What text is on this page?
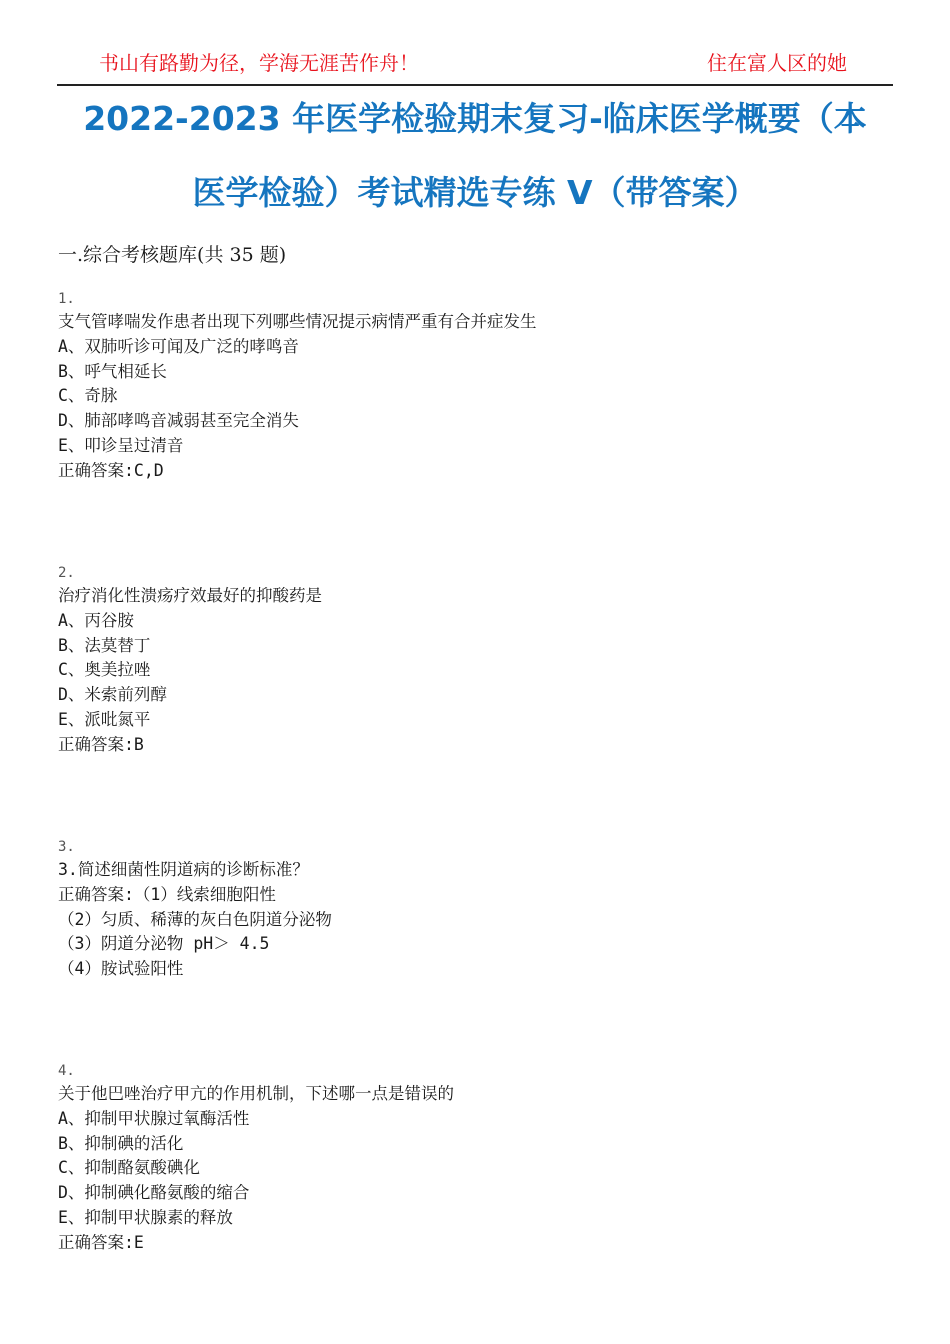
书山有路勤为径，学海无涯苦作舟！	住在富人区的她
2022-2023 年医学检验期末复习-临床医学概要（本
医学检验）考试精选专练 V（带答案）
一.综合考核题库(共 35 题)
1.
支气管哮喘发作患者出现下列哪些情况提示病情严重有合并症发生
A、双肺听诊可闻及广泛的哮鸣音
B、呼气相延长
C、奇脉
D、肺部哮鸣音减弱甚至完全消失
E、叩诊呈过清音
正确答案:C,D
2.
治疗消化性溃疡疗效最好的抑酸药是
A、丙谷胺
B、法莫替丁
C、奥美拉唑
D、米索前列醇
E、派吡氮平
正确答案:B
3.
3.简述细菌性阴道病的诊断标准？
正确答案:（1）线索细胞阳性
（2）匀质、稀薄的灰白色阴道分泌物
（3）阴道分泌物 pH＞ 4.5
（4）胺试验阳性
4.
关于他巴唑治疗甲亢的作用机制，下述哪一点是错误的
A、抑制甲状腺过氧酶活性
B、抑制碘的活化
C、抑制酪氨酸碘化
D、抑制碘化酪氨酸的缩合
E、抑制甲状腺素的释放
正确答案:E
